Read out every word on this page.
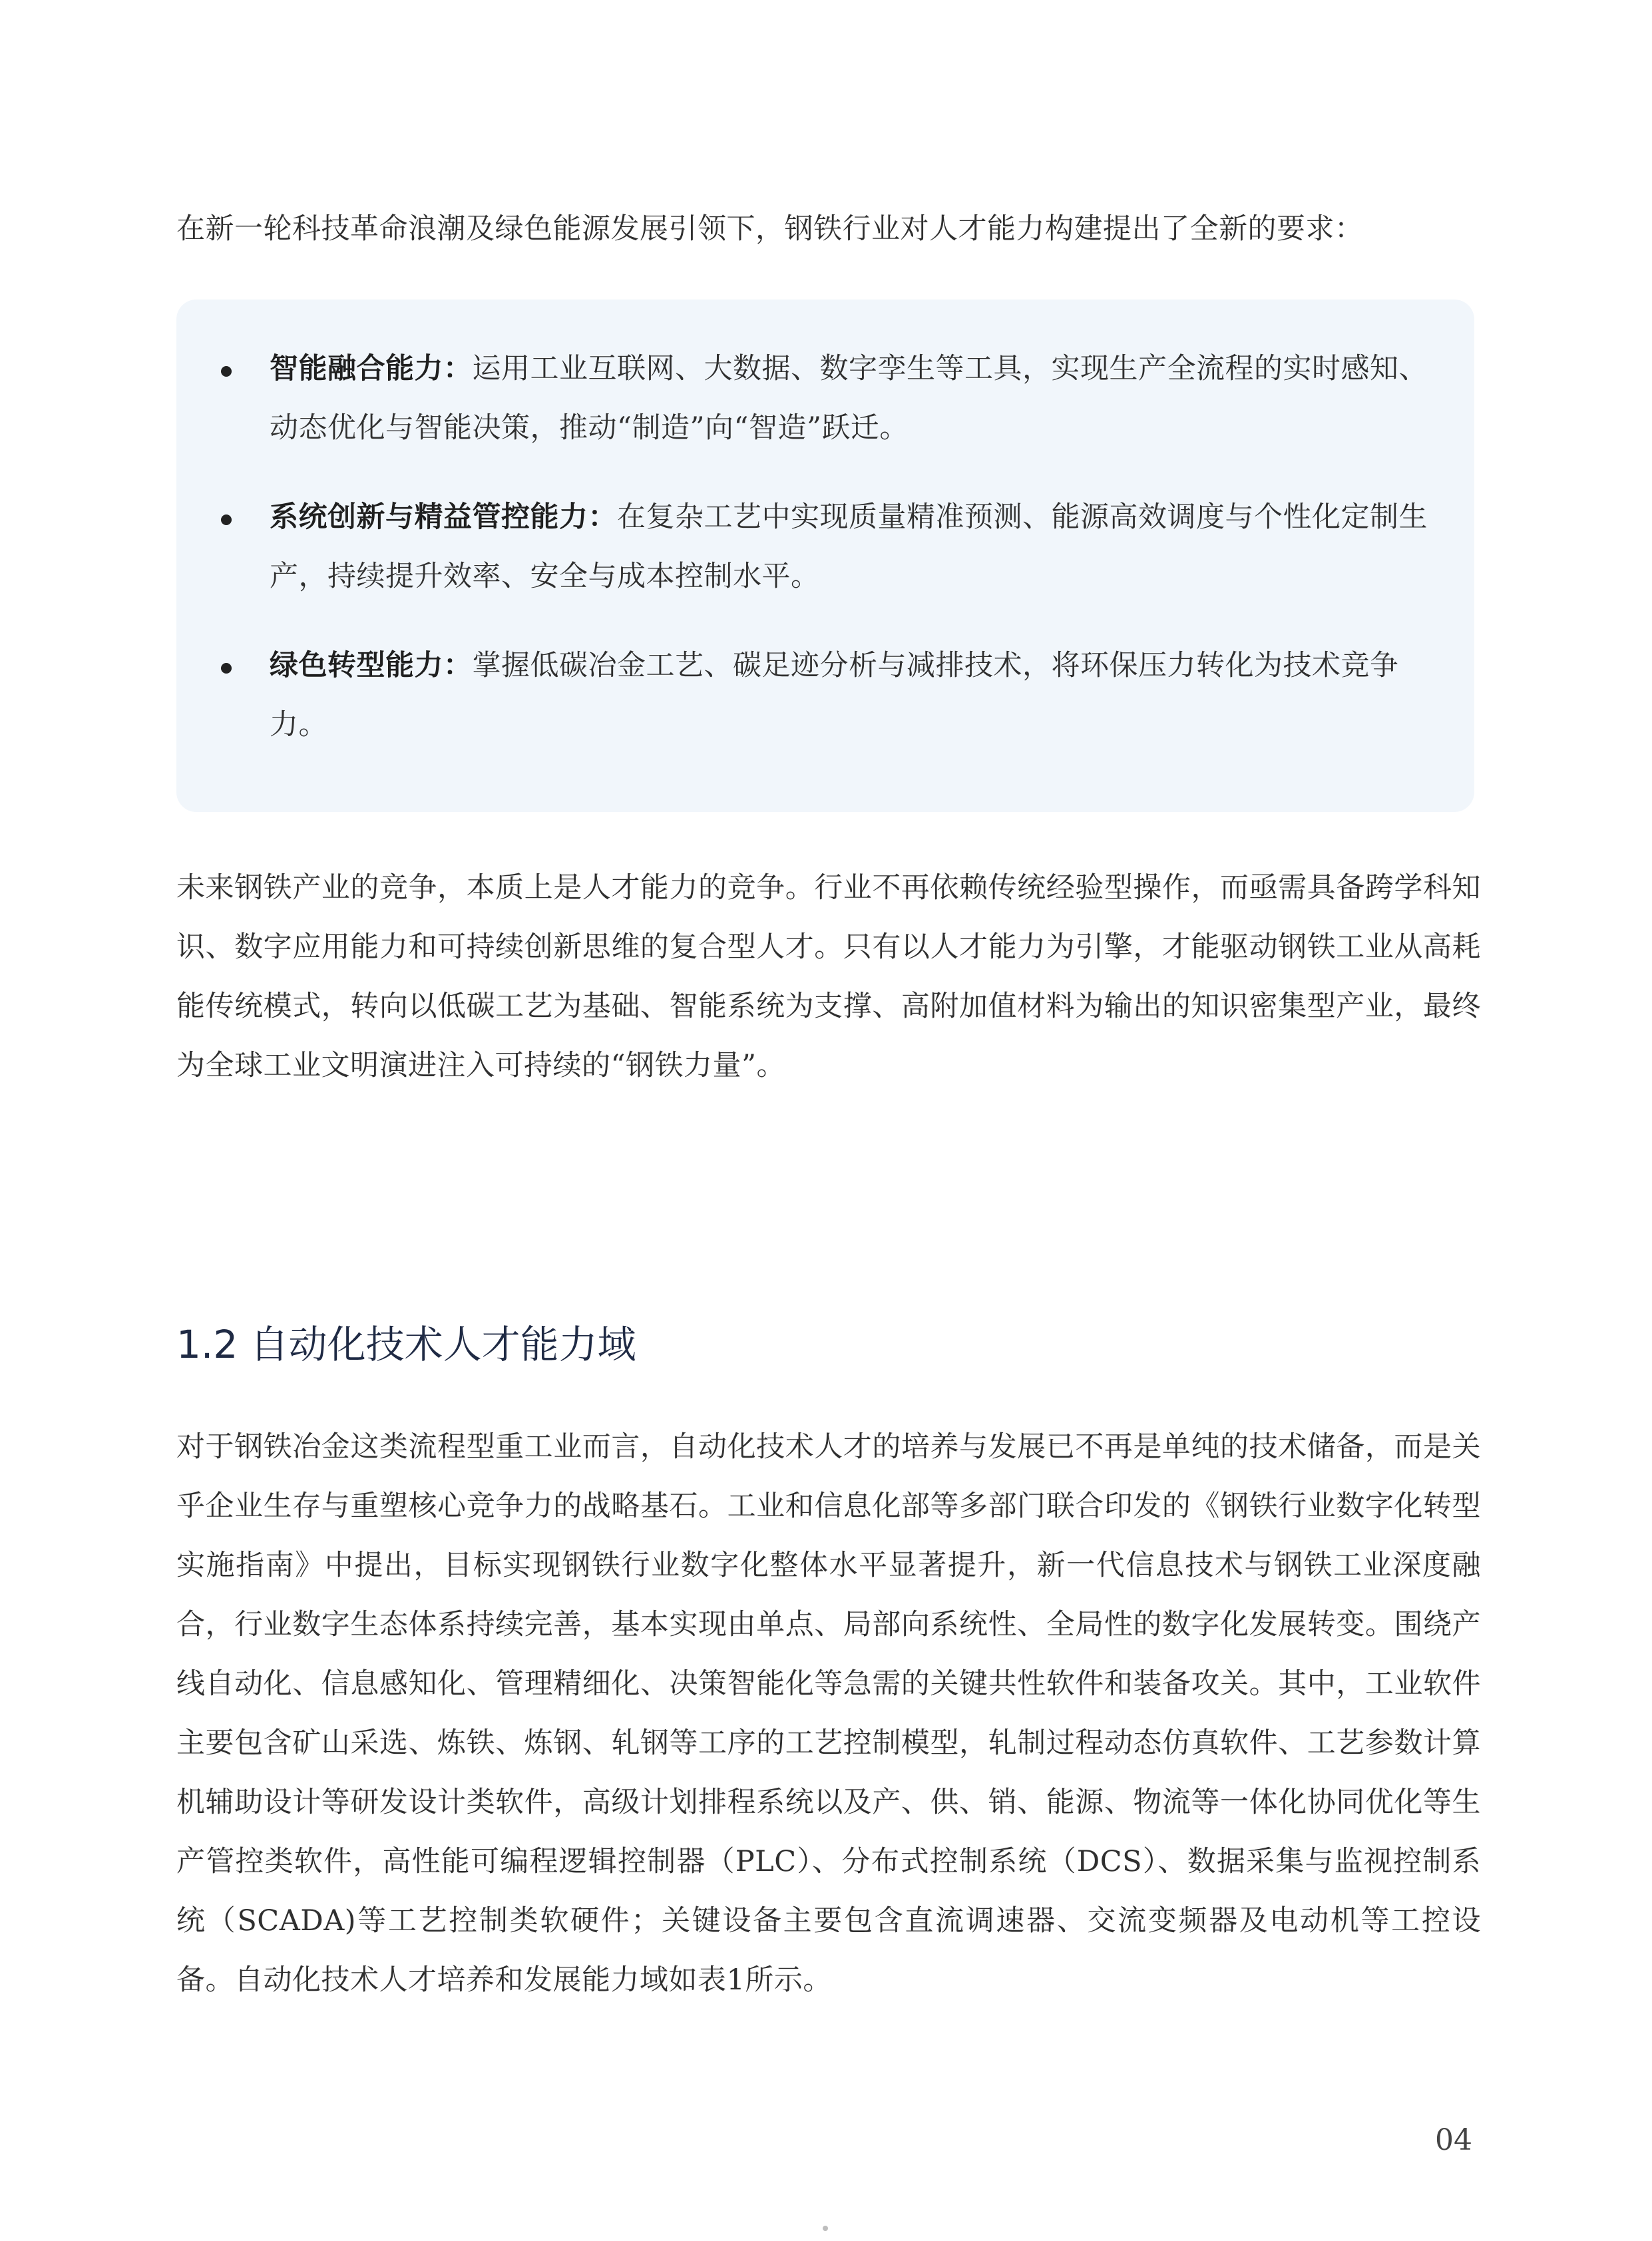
在新一轮科技革命浪潮及绿色能源发展引领下，钢铁行业对人才能力构建提出了全新的要求：

智能融合能力：运用工业互联网、大数据、数字孪生等工具，实现生产全流程的实时感知、动态优化与智能决策，推动“制造”向“智造”跃迁。
系统创新与精益管控能力：在复杂工艺中实现质量精准预测、能源高效调度与个性化定制生产，持续提升效率、安全与成本控制水平。
绿色转型能力：掌握低碳冶金工艺、碳足迹分析与减排技术，将环保压力转化为技术竞争力。

未来钢铁产业的竞争，本质上是人才能力的竞争。行业不再依赖传统经验型操作，而亟需具备跨学科知识、数字应用能力和可持续创新思维的复合型人才。只有以人才能力为引擎，才能驱动钢铁工业从高耗能传统模式，转向以低碳工艺为基础、智能系统为支撑、高附加值材料为输出的知识密集型产业，最终为全球工业文明演进注入可持续的“钢铁力量”。

1.2 自动化技术人才能力域

对于钢铁冶金这类流程型重工业而言，自动化技术人才的培养与发展已不再是单纯的技术储备，而是关乎企业生存与重塑核心竞争力的战略基石。工业和信息化部等多部门联合印发的《钢铁行业数字化转型实施指南》中提出，目标实现钢铁行业数字化整体水平显著提升，新一代信息技术与钢铁工业深度融合，行业数字生态体系持续完善，基本实现由单点、局部向系统性、全局性的数字化发展转变。围绕产线自动化、信息感知化、管理精细化、决策智能化等急需的关键共性软件和装备攻关。其中，工业软件主要包含矿山采选、炼铁、炼钢、轧钢等工序的工艺控制模型，轧制过程动态仿真软件、工艺参数计算机辅助设计等研发设计类软件，高级计划排程系统以及产、供、销、能源、物流等一体化协同优化等生产管控类软件，高性能可编程逻辑控制器（PLC）、分布式控制系统（DCS）、数据采集与监视控制系统（SCADA)等工艺控制类软硬件；关键设备主要包含直流调速器、交流变频器及电动机等工控设备。自动化技术人才培养和发展能力域如表1所示。

04
